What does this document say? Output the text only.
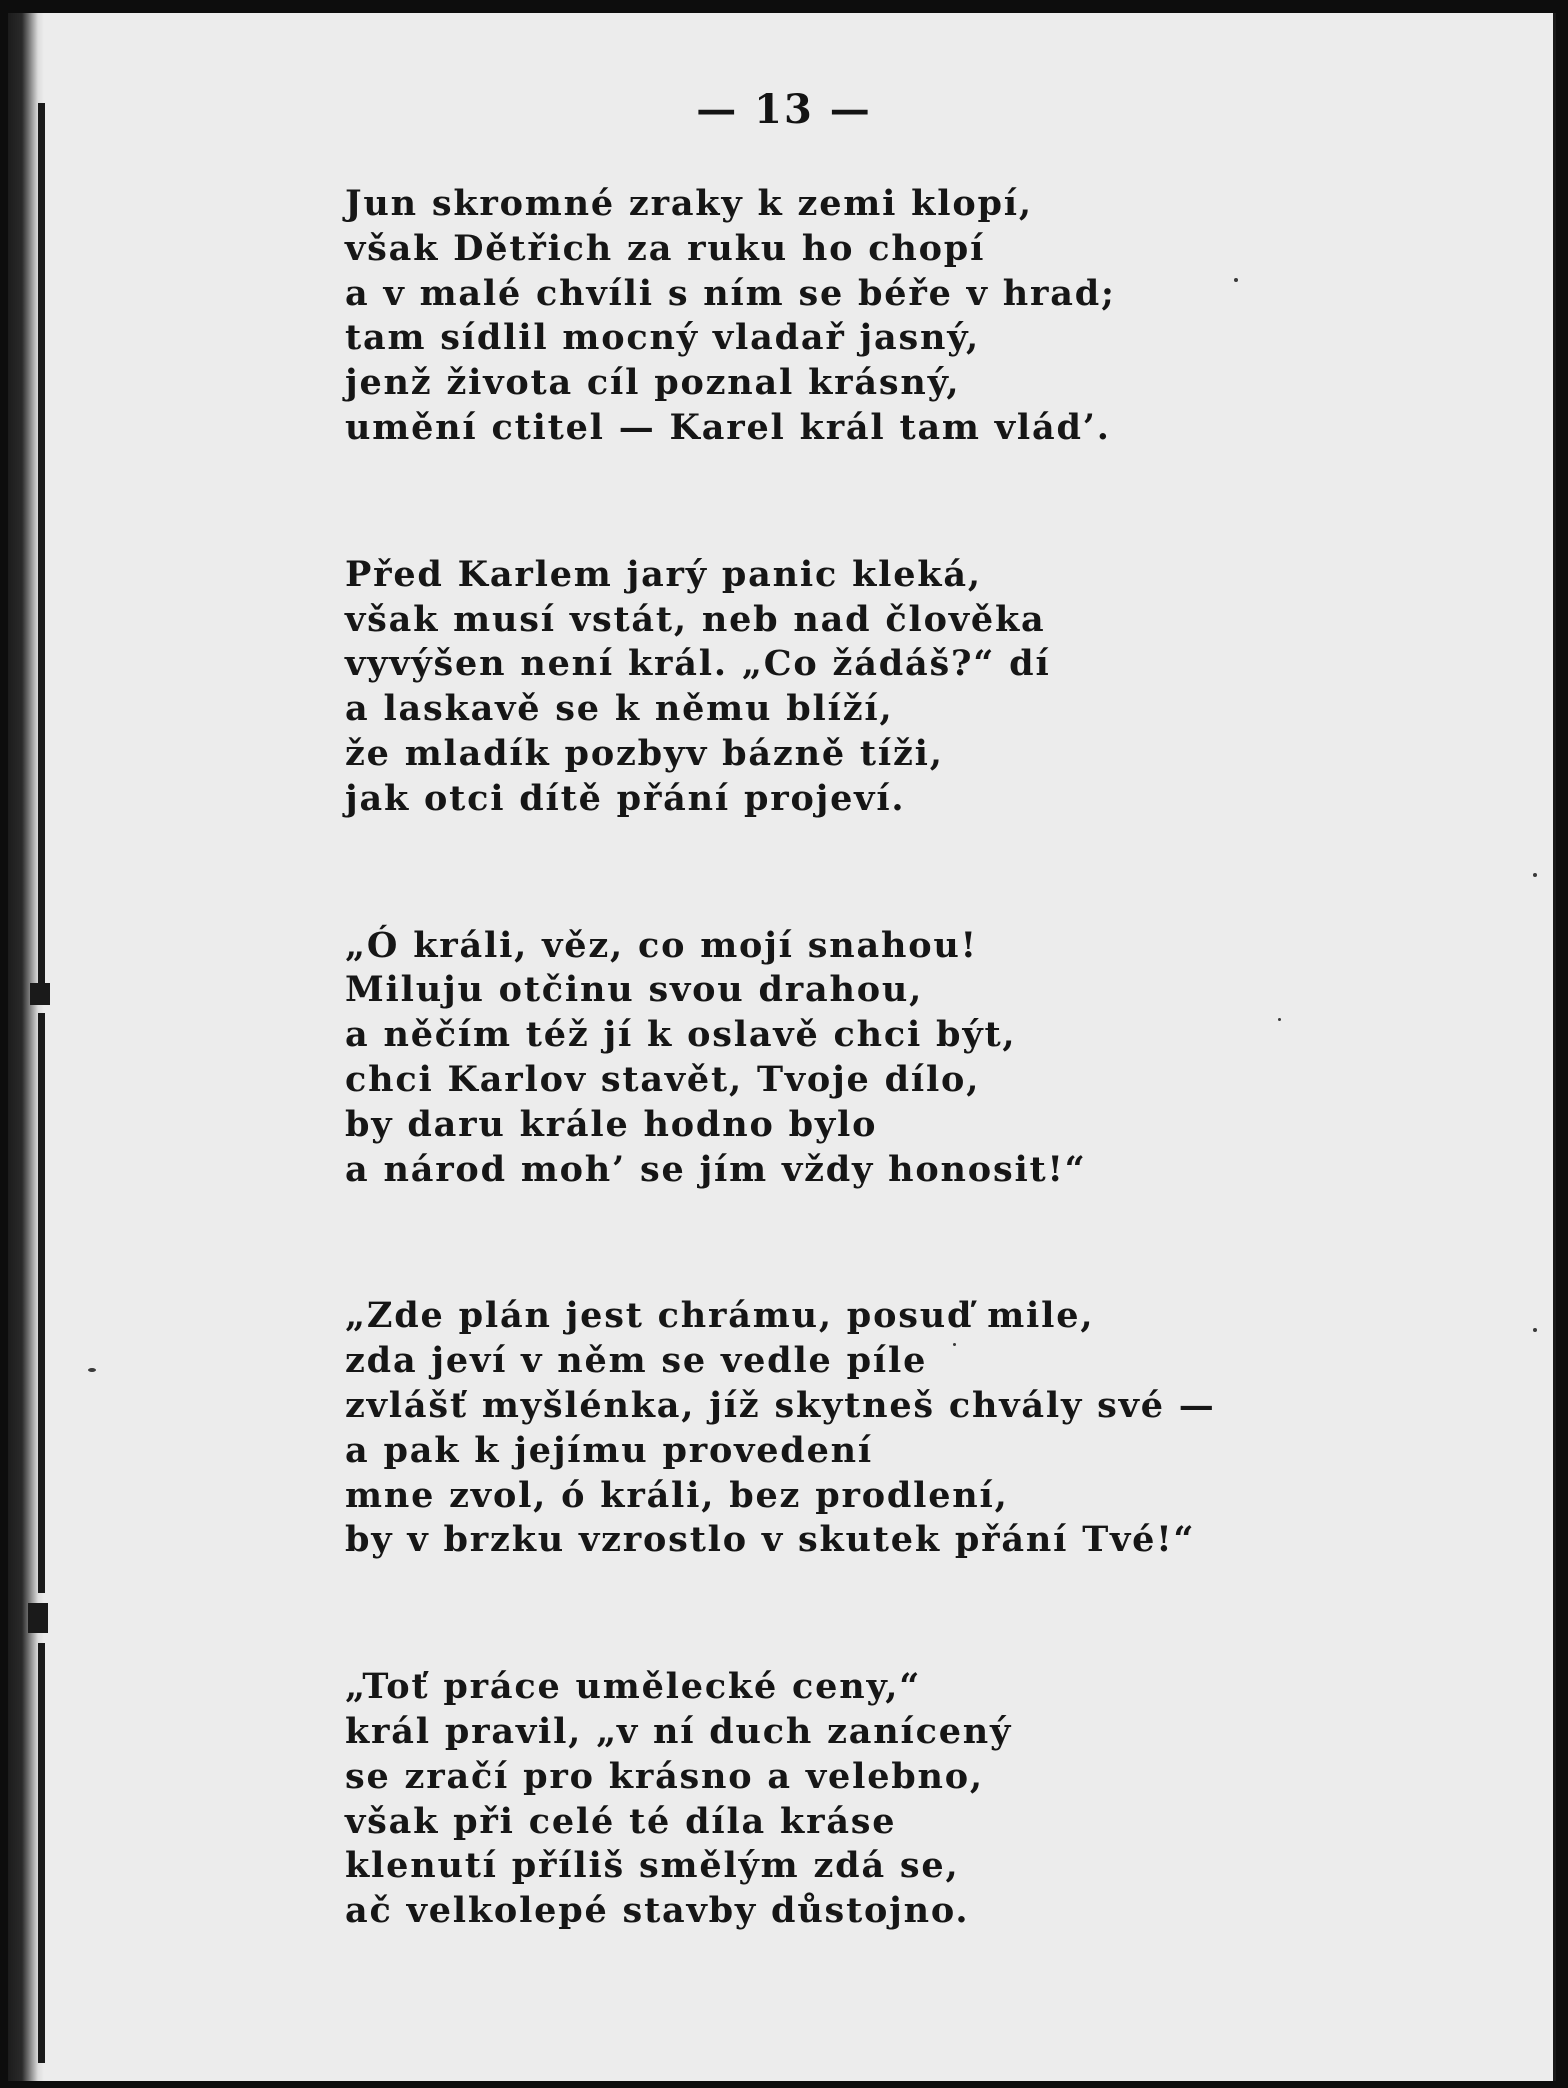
— 13 —
Jun skromné zraky k zemi klopí,
však Dětřich za ruku ho chopí
a v malé chvíli s ním se béře v hrad;
tam sídlil mocný vladař jasný,
jenž života cíl poznal krásný,
umění ctitel — Karel král tam vlád’.
Před Karlem jarý panic kleká,
však musí vstát, neb nad člověka
vyvýšen není král. „Co žádáš?“ dí
a laskavě se k němu blíží,
že mladík pozbyv bázně tíži,
jak otci dítě přání projeví.
„Ó králi, věz, co mojí snahou!
Miluju otčinu svou drahou,
a něčím též jí k oslavě chci být,
chci Karlov stavět, Tvoje dílo,
by daru krále hodno bylo
a národ moh’ se jím vždy honosit!“
„Zde plán jest chrámu, posuď mile,
zda jeví v něm se vedle píle
zvlášť myšlénka, jíž skytneš chvály své —
a pak k jejímu provedení
mne zvol, ó králi, bez prodlení,
by v brzku vzrostlo v skutek přání Tvé!“
„Toť práce umělecké ceny,“
král pravil, „v ní duch zanícený
se zračí pro krásno a velebno,
však při celé té díla kráse
klenutí příliš smělým zdá se,
ač velkolepé stavby důstojno.
